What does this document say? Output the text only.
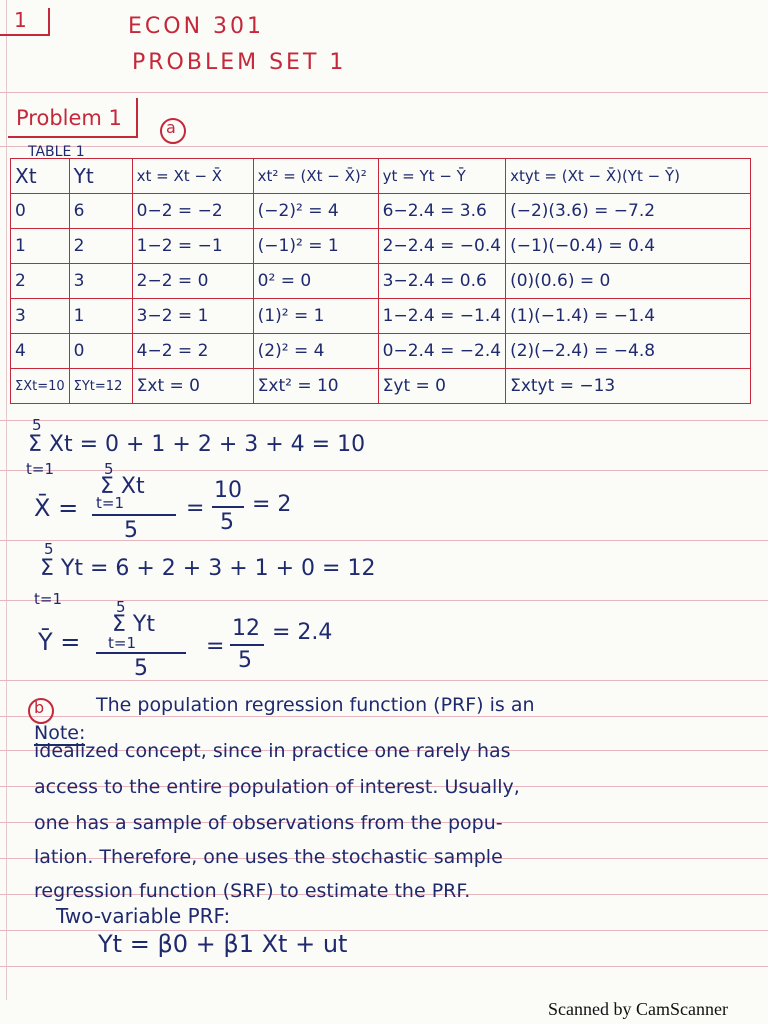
1	ECON 301
PROBLEM SET 1
Problem 1	a
TABLE 1
Xt	Yt	xt = Xt − X̄	xt² = (Xt − X̄)²	yt = Yt − Ȳ	xtyt = (Xt − X̄)(Yt − Ȳ)
0	6	0−2 = −2	(−2)² = 4	6−2.4 = 3.6	(−2)(3.6) = −7.2
1	2	1−2 = −1	(−1)² = 1	2−2.4 = −0.4	(−1)(−0.4) = 0.4
2	3	2−2 = 0	0² = 0	3−2.4 = 0.6	(0)(0.6) = 0
3	1	3−2 = 1	(1)² = 1	1−2.4 = −1.4	(1)(−1.4) = −1.4
4	0	4−2 = 2	(2)² = 4	0−2.4 = −2.4	(2)(−2.4) = −4.8
ΣXt=10	ΣYt=12	Σxt = 0	Σxt² = 10	Σyt = 0	Σxtyt = −13
5
Σ Xt = 0 + 1 + 2 + 3 + 4 = 10
t=1
X̄ =
5
Σ Xt
t=1
5
=
10
5
= 2
5
Σ Yt = 6 + 2 + 3 + 1 + 0 = 12
t=1
Ȳ =
5
Σ Yt
t=1
5
=
12
5
= 2.4
b
Note:
The population regression function (PRF) is an
idealized concept, since in practice one rarely has
access to the entire population of interest. Usually,
one has a sample of observations from the popu-
lation. Therefore, one uses the stochastic sample
regression function (SRF) to estimate the PRF.
Two-variable PRF:
Yt = β0 + β1 Xt + ut
Scanned by CamScanner
